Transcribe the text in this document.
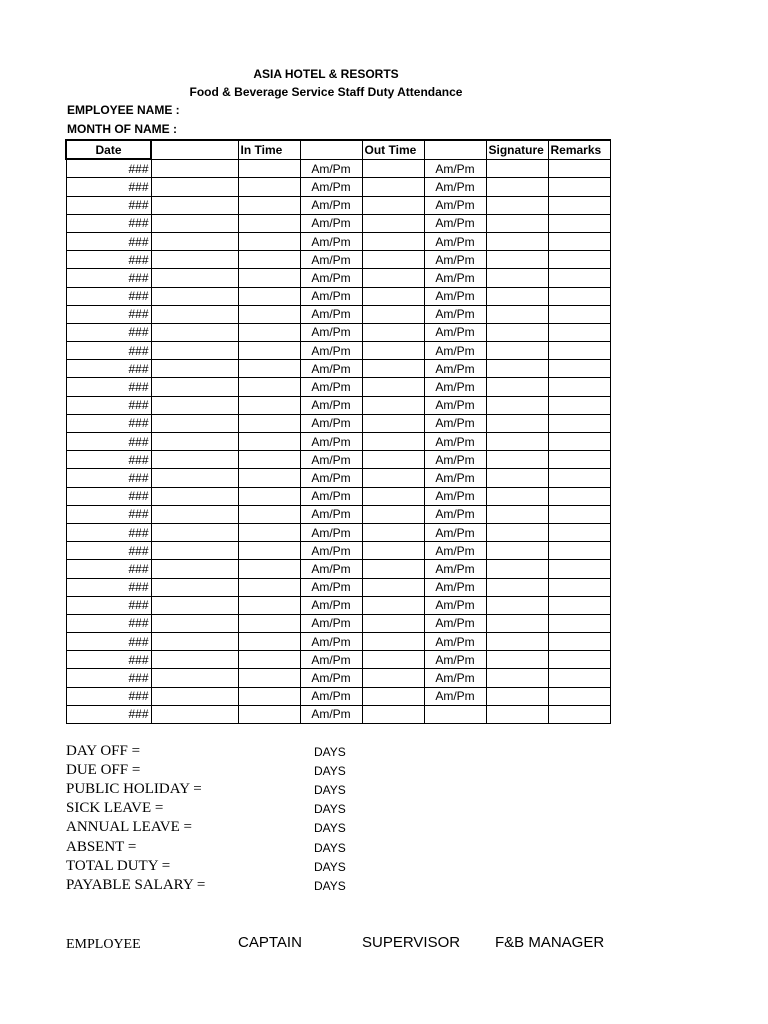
ASIA HOTEL & RESORTS
Food & Beverage Service Staff Duty Attendance
EMPLOYEE NAME :
MONTH OF NAME :
Date		In Time		Out Time		Signature	Remarks
###			Am/Pm		Am/Pm		
###			Am/Pm		Am/Pm		
###			Am/Pm		Am/Pm		
###			Am/Pm		Am/Pm		
###			Am/Pm		Am/Pm		
###			Am/Pm		Am/Pm		
###			Am/Pm		Am/Pm		
###			Am/Pm		Am/Pm		
###			Am/Pm		Am/Pm		
###			Am/Pm		Am/Pm		
###			Am/Pm		Am/Pm		
###			Am/Pm		Am/Pm		
###			Am/Pm		Am/Pm		
###			Am/Pm		Am/Pm		
###			Am/Pm		Am/Pm		
###			Am/Pm		Am/Pm		
###			Am/Pm		Am/Pm		
###			Am/Pm		Am/Pm		
###			Am/Pm		Am/Pm		
###			Am/Pm		Am/Pm		
###			Am/Pm		Am/Pm		
###			Am/Pm		Am/Pm		
###			Am/Pm		Am/Pm		
###			Am/Pm		Am/Pm		
###			Am/Pm		Am/Pm		
###			Am/Pm		Am/Pm		
###			Am/Pm		Am/Pm		
###			Am/Pm		Am/Pm		
###			Am/Pm		Am/Pm		
###			Am/Pm		Am/Pm		
###			Am/Pm				
DAY OFF =	DAYS
DUE OFF =	DAYS
PUBLIC HOLIDAY =	DAYS
SICK LEAVE =	DAYS
ANNUAL LEAVE =	DAYS
ABSENT =	DAYS
TOTAL DUTY =	DAYS
PAYABLE SALARY =	DAYS
EMPLOYEE	CAPTAIN	SUPERVISOR F&B MANAGER
